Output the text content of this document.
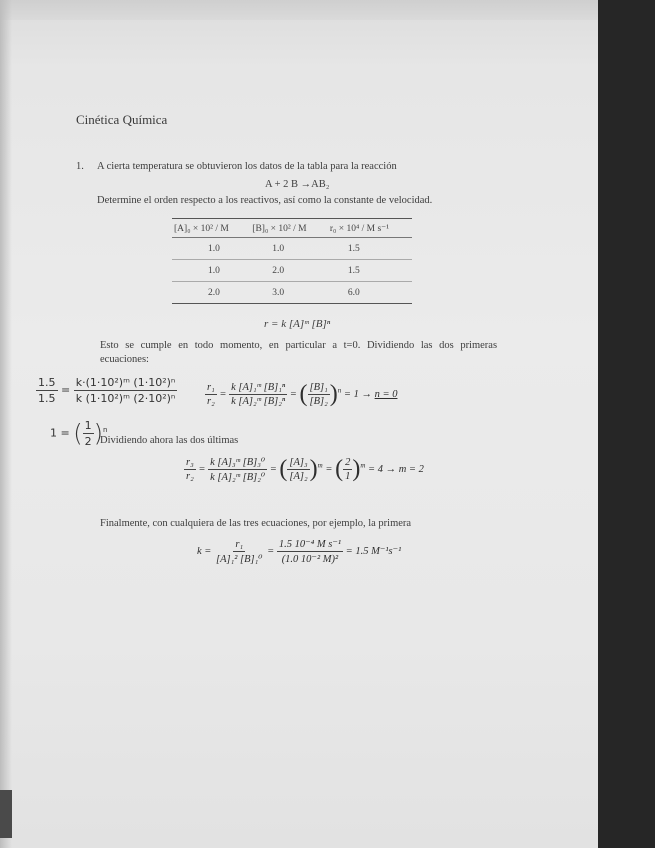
Cinética Química
1. A cierta temperatura se obtuvieron los datos de la tabla para la reacción
A + 2 B →AB₂
Determine el orden respecto a los reactivos, así como la constante de velocidad.
[A]₀ × 10² / M	[B]₀ × 10² / M	r₀ × 10⁴ / M s⁻¹
1.0	1.0	1.5
1.0	2.0	1.5
2.0	3.0	6.0
r = k [A]ᵐ [B]ⁿ
Esto se cumple en todo momento, en particular a t=0. Dividiendo las dos primeras
ecuaciones:
$\frac{1.5}{1.5} = \frac{\text{k·(1·10²)ᵐ (1·10²)ⁿ}}{\text{k (1·10²)ᵐ (2·10²)ⁿ}}$
1 = ( $\frac{1}{2} )^n$
$\frac{\text{r₁}}{\text{r₂}} = \frac{\text{k [A]₁ᵐ [B]₁ⁿ}}{\text{k [A]₂ᵐ [B]₂ⁿ}}$ = ( $\frac{\text{[B]₁}}{\text{[B]₂}} )^n = 1 \to n = 0$
Dividiendo ahora las dos últimas
$\frac{\text{r₃}}{\text{r₂}} = \frac{\text{k [A]₃ᵐ [B]₃⁰}}{\text{k [A]₂ᵐ [B]₂⁰}}$ = ( $\frac{\text{[A]₃}}{\text{[A]₂}} )^m$ = ( $\frac{2}{1} )^m = 4 \to m = 2$
Finalmente, con cualquiera de las tres ecuaciones, por ejemplo, la primera
$k = \frac{\text{r₁}}{\text{[A]₁² [B]₁⁰}} = \frac{\text{1.5 10⁻⁴ M s⁻¹}}{\text{(1.0 10⁻² M)²}} = 1.5$ M⁻¹s⁻¹
